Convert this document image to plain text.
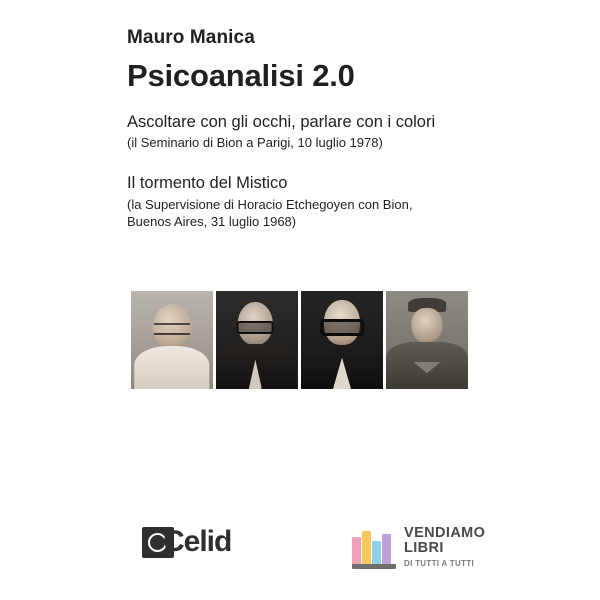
Mauro Manica
Psicoanalisi 2.0
Ascoltare con gli occhi, parlare con i colori
(il Seminario di Bion a Parigi, 10 luglio 1978)
Il tormento del Mistico
(la Supervisione di Horacio Etchegoyen con Bion,
Buenos Aires, 31 luglio 1968)
Celid	VENDIAMO
LIBRI
DI TUTTI A TUTTI
